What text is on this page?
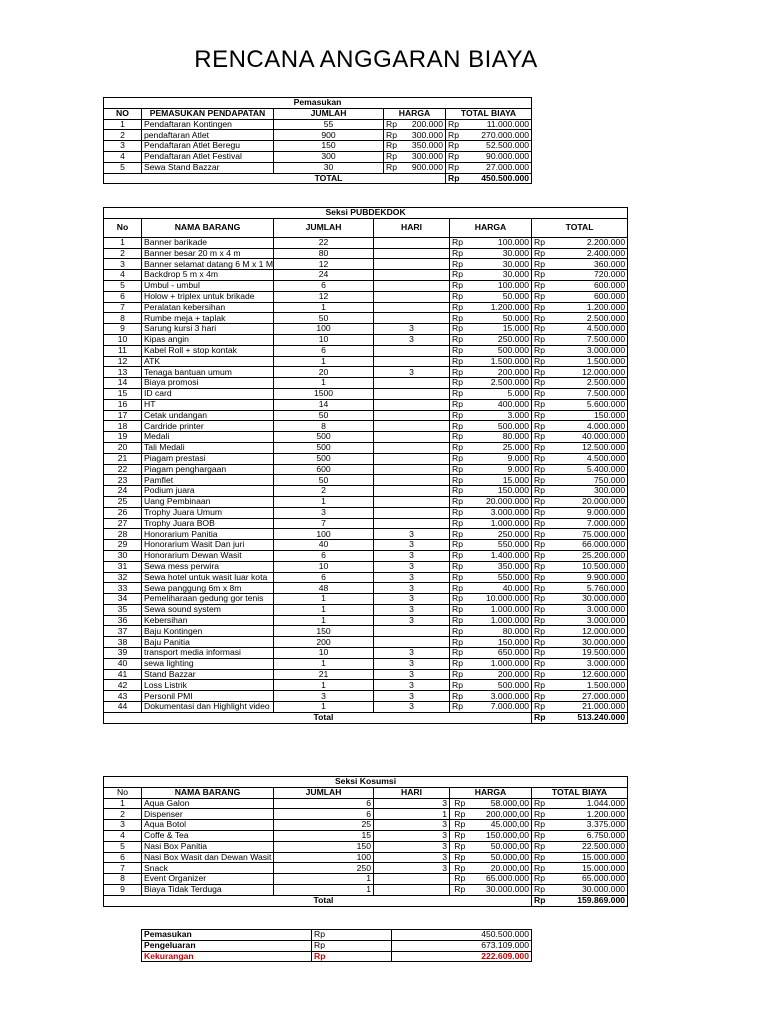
RENCANA ANGGARAN BIAYA
Pemasukan						
NO	PEMASUKAN PENDAPATAN	JUMLAH	HARGA		TOTAL BIAYA	
1	Pendaftaran Kontingen	55	Rp	200.000	Rp	11.000.000
2	pendaftaran Atlet	900	Rp	300.000	Rp	270.000.000
3	Pendaftaran Atlet Beregu	150	Rp	350.000	Rp	52.500.000
4	Pendaftaran Atlet Festival	300	Rp	300.000	Rp	90.000.000
5	Sewa Stand Bazzar	30	Rp	900.000	Rp	27.000.000
		TOTAL			Rp	450.500.000
Seksi PUBDEKDOK							
No	NAMA BARANG	JUMLAH	HARI	HARGA		TOTAL	
1	Banner barikade	22		Rp	100.000	Rp	2.200.000
2	Banner besar 20 m x 4 m	80		Rp	30.000	Rp	2.400.000
3	Banner selamat datang 6 M x 1 M	12		Rp	30.000	Rp	360.000
4	Backdrop 5 m x 4m	24		Rp	30.000	Rp	720.000
5	Umbul - umbul	6		Rp	100.000	Rp	600.000
6	Holow + triplex untuk brikade	12		Rp	50.000	Rp	600.000
7	Peralatan kebersihan	1		Rp	1.200.000	Rp	1.200.000
8	Rumbe meja + taplak	50		Rp	50.000	Rp	2.500.000
9	Sarung kursi 3 hari	100	3	Rp	15.000	Rp	4.500.000
10	Kipas angin	10	3	Rp	250.000	Rp	7.500.000
11	Kabel Roll + stop kontak	6		Rp	500.000	Rp	3.000.000
12	ATK	1		Rp	1.500.000	Rp	1.500.000
13	Tenaga bantuan umum	20	3	Rp	200.000	Rp	12.000.000
14	Biaya promosi	1		Rp	2.500.000	Rp	2.500.000
15	ID card	1500		Rp	5.000	Rp	7.500.000
16	HT	14		Rp	400.000	Rp	5.600.000
17	Cetak undangan	50		Rp	3.000	Rp	150.000
18	Cardride printer	8		Rp	500.000	Rp	4.000.000
19	Medali	500		Rp	80.000	Rp	40.000.000
20	Tali Medali	500		Rp	25.000	Rp	12.500.000
21	Piagam prestasi	500		Rp	9.000	Rp	4.500.000
22	Piagam penghargaan	600		Rp	9.000	Rp	5.400.000
23	Pamflet	50		Rp	15.000	Rp	750.000
24	Podium juara	2		Rp	150.000	Rp	300.000
25	Uang Pembinaan	1		Rp	20.000.000	Rp	20.000.000
26	Trophy Juara Umum	3		Rp	3.000.000	Rp	9.000.000
27	Trophy Juara BOB	7		Rp	1.000.000	Rp	7.000.000
28	Honorarium Panitia	100	3	Rp	250.000	Rp	75.000.000
29	Honorarium Wasit Dan juri	40	3	Rp	550.000	Rp	66.000.000
30	Honorarium Dewan Wasit	6	3	Rp	1.400.000	Rp	25.200.000
31	Sewa mess perwira	10	3	Rp	350.000	Rp	10.500.000
32	Sewa hotel untuk wasit luar kota	6	3	Rp	550.000	Rp	9.900.000
33	Sewa panggung 6m x 8m	48	3	Rp	40.000	Rp	5.760.000
34	Pemeliharaan gedung gor tenis	1	3	Rp	10.000.000	Rp	30.000.000
35	Sewa sound system	1	3	Rp	1.000.000	Rp	3.000.000
36	Kebersihan	1	3	Rp	1.000.000	Rp	3.000.000
37	Baju Kontingen	150		Rp	80.000	Rp	12.000.000
38	Baju Panitia	200		Rp	150.000	Rp	30.000.000
39	transport media informasi	10	3	Rp	650.000	Rp	19.500.000
40	sewa lighting	1	3	Rp	1.000.000	Rp	3.000.000
41	Stand Bazzar	21	3	Rp	200.000	Rp	12.600.000
42	Loss Listrik	1	3	Rp	500.000	Rp	1.500.000
43	Personil PMI	3	3	Rp	3.000.000	Rp	27.000.000
44	Dokumentasi dan Highlight video	1	3	Rp	7.000.000	Rp	21.000.000
		Total				Rp	513.240.000
Seksi Kosumsi							
No	NAMA BARANG	JUMLAH	HARI	HARGA		TOTAL BIAYA	
1	Aqua Galon	6	3	Rp	58.000,00	Rp	1.044.000
2	Dispenser	6	1	Rp	200.000,00	Rp	1.200.000
3	Aqua Botol	25	3	Rp	45.000,00	Rp	3.375.000
4	Coffe & Tea	15	3	Rp	150.000,00	Rp	6.750.000
5	Nasi Box Panitia	150	3	Rp	50.000,00	Rp	22.500.000
6	Nasi Box Wasit dan Dewan Wasit	100	3	Rp	50.000,00	Rp	15.000.000
7	Snack	250	3	Rp	20.000,00	Rp	15.000.000
8	Event Organizer	1		Rp	65.000.000	Rp	65.000.000
9	Biaya Tidak Terduga	1		Rp	30.000.000	Rp	30.000.000
		Total				Rp	159.869.000
Pemasukan	Rp	450.500.000
Pengeluaran	Rp	673.109.000
Kekurangan	Rp	222.609.000
